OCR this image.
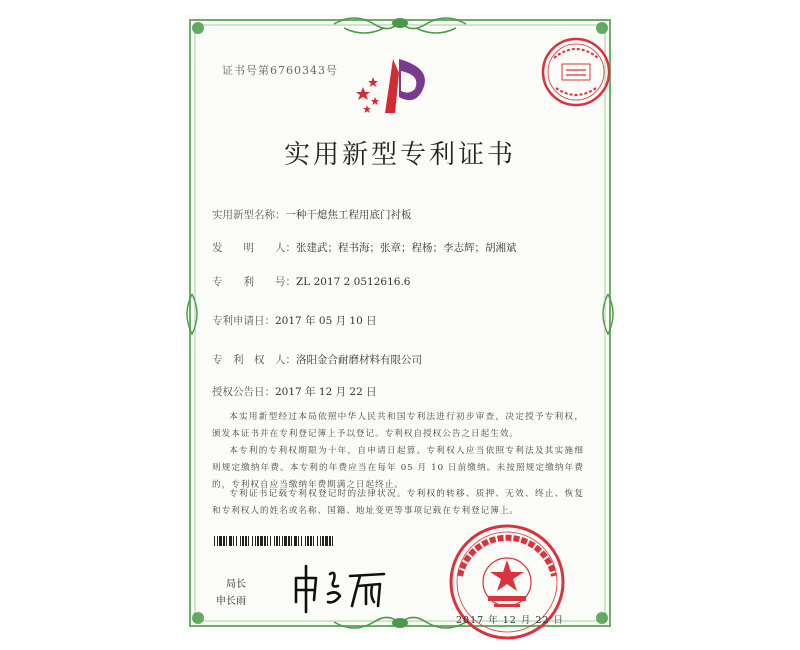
证书号第6760343号
实用新型专利证书
实用新型名称：一种干熄焦工程用底门衬板
发　　明　　人：张建武；程书海；张章；程杨；李志辉；胡湘斌
专　　利　　号：ZL 2017 2 0512616.6
专利申请日：2017 年 05 月 10 日
专　利　权　人：洛阳金合耐磨材料有限公司
授权公告日：2017 年 12 月 22 日
本实用新型经过本局依照中华人民共和国专利法进行初步审查，决定授予专利权，颁发本证书并在专利登记簿上予以登记。专利权自授权公告之日起生效。
本专利的专利权期限为十年，自申请日起算。专利权人应当依照专利法及其实施细则规定缴纳年费。本专利的年费应当在每年 05 月 10 日前缴纳。未按照规定缴纳年费的，专利权自应当缴纳年费期满之日起终止。
专利证书记载专利权登记时的法律状况。专利权的转移、质押、无效、终止、恢复和专利权人的姓名或名称、国籍、地址变更等事项记载在专利登记簿上。
局长
申长雨
2017 年 12 月 22 日
